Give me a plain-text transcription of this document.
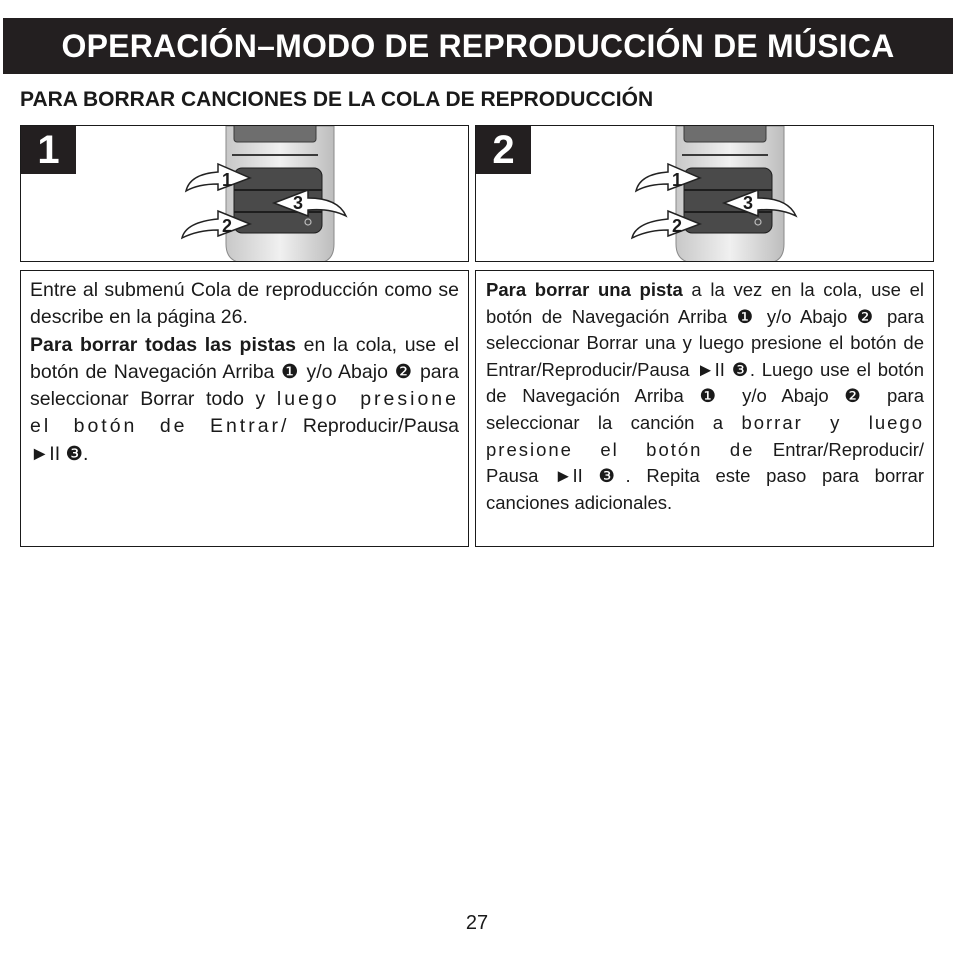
OPERACIÓN–MODO DE REPRODUCCIÓN DE MÚSICA
PARA BORRAR CANCIONES DE LA COLA DE REPRODUCCIÓN
1
1
2
3
2
1
2
3

Entre al submenú Cola de reproducción como se describe en la página 26.

Para borrar todas las pistas en la cola, use el botón de Navegación Arriba ❶ y/o Abajo ❷ para seleccionar Borrar todo y luego presione el botón de Entrar/ Reproducir/Pausa ►II ❸.

Para borrar una pista a la vez en la cola, use el botón de Navegación Arriba ❶ y/o Abajo ❷ para seleccionar Borrar una y luego presione el botón de Entrar/Reproducir/Pausa ►II ❸. Luego use el botón de Navegación Arriba ❶ y/o Abajo ❷ para seleccionar la canción a borrar y luego presione el botón de Entrar/Reproducir/ Pausa ►II ❸. Repita este paso para borrar canciones adicionales.

27
